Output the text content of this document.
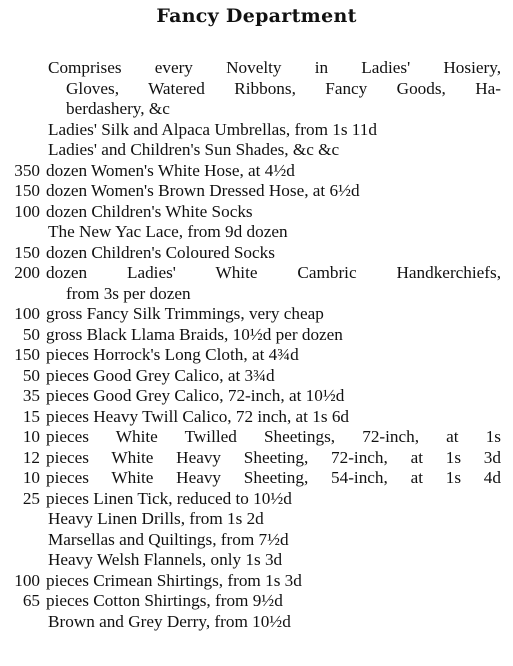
Fancy Department
Comprises every Novelty in Ladies' Hosiery,
Gloves, Watered Ribbons, Fancy Goods, Ha-
berdashery, &c
Ladies' Silk and Alpaca Umbrellas, from 1s 11d
Ladies' and Children's Sun Shades, &c &c
350 dozen Women's White Hose, at 4½d
150 dozen Women's Brown Dressed Hose, at 6½d
100 dozen Children's White Socks
The New Yac Lace, from 9d dozen
150 dozen Children's Coloured Socks
200 dozen Ladies' White Cambric Handkerchiefs,
from 3s per dozen
100 gross Fancy Silk Trimmings, very cheap
50 gross Black Llama Braids, 10½d per dozen
150 pieces Horrock's Long Cloth, at 4¾d
50 pieces Good Grey Calico, at 3¾d
35 pieces Good Grey Calico, 72-inch, at 10½d
15 pieces Heavy Twill Calico, 72 inch, at 1s 6d
10 pieces White Twilled Sheetings, 72-inch, at 1s
12 pieces White Heavy Sheeting, 72-inch, at 1s 3d
10 pieces White Heavy Sheeting, 54-inch, at 1s 4d
25 pieces Linen Tick, reduced to 10½d
Heavy Linen Drills, from 1s 2d
Marsellas and Quiltings, from 7½d
Heavy Welsh Flannels, only 1s 3d
100 pieces Crimean Shirtings, from 1s 3d
65 pieces Cotton Shirtings, from 9½d
Brown and Grey Derry, from 10½d
